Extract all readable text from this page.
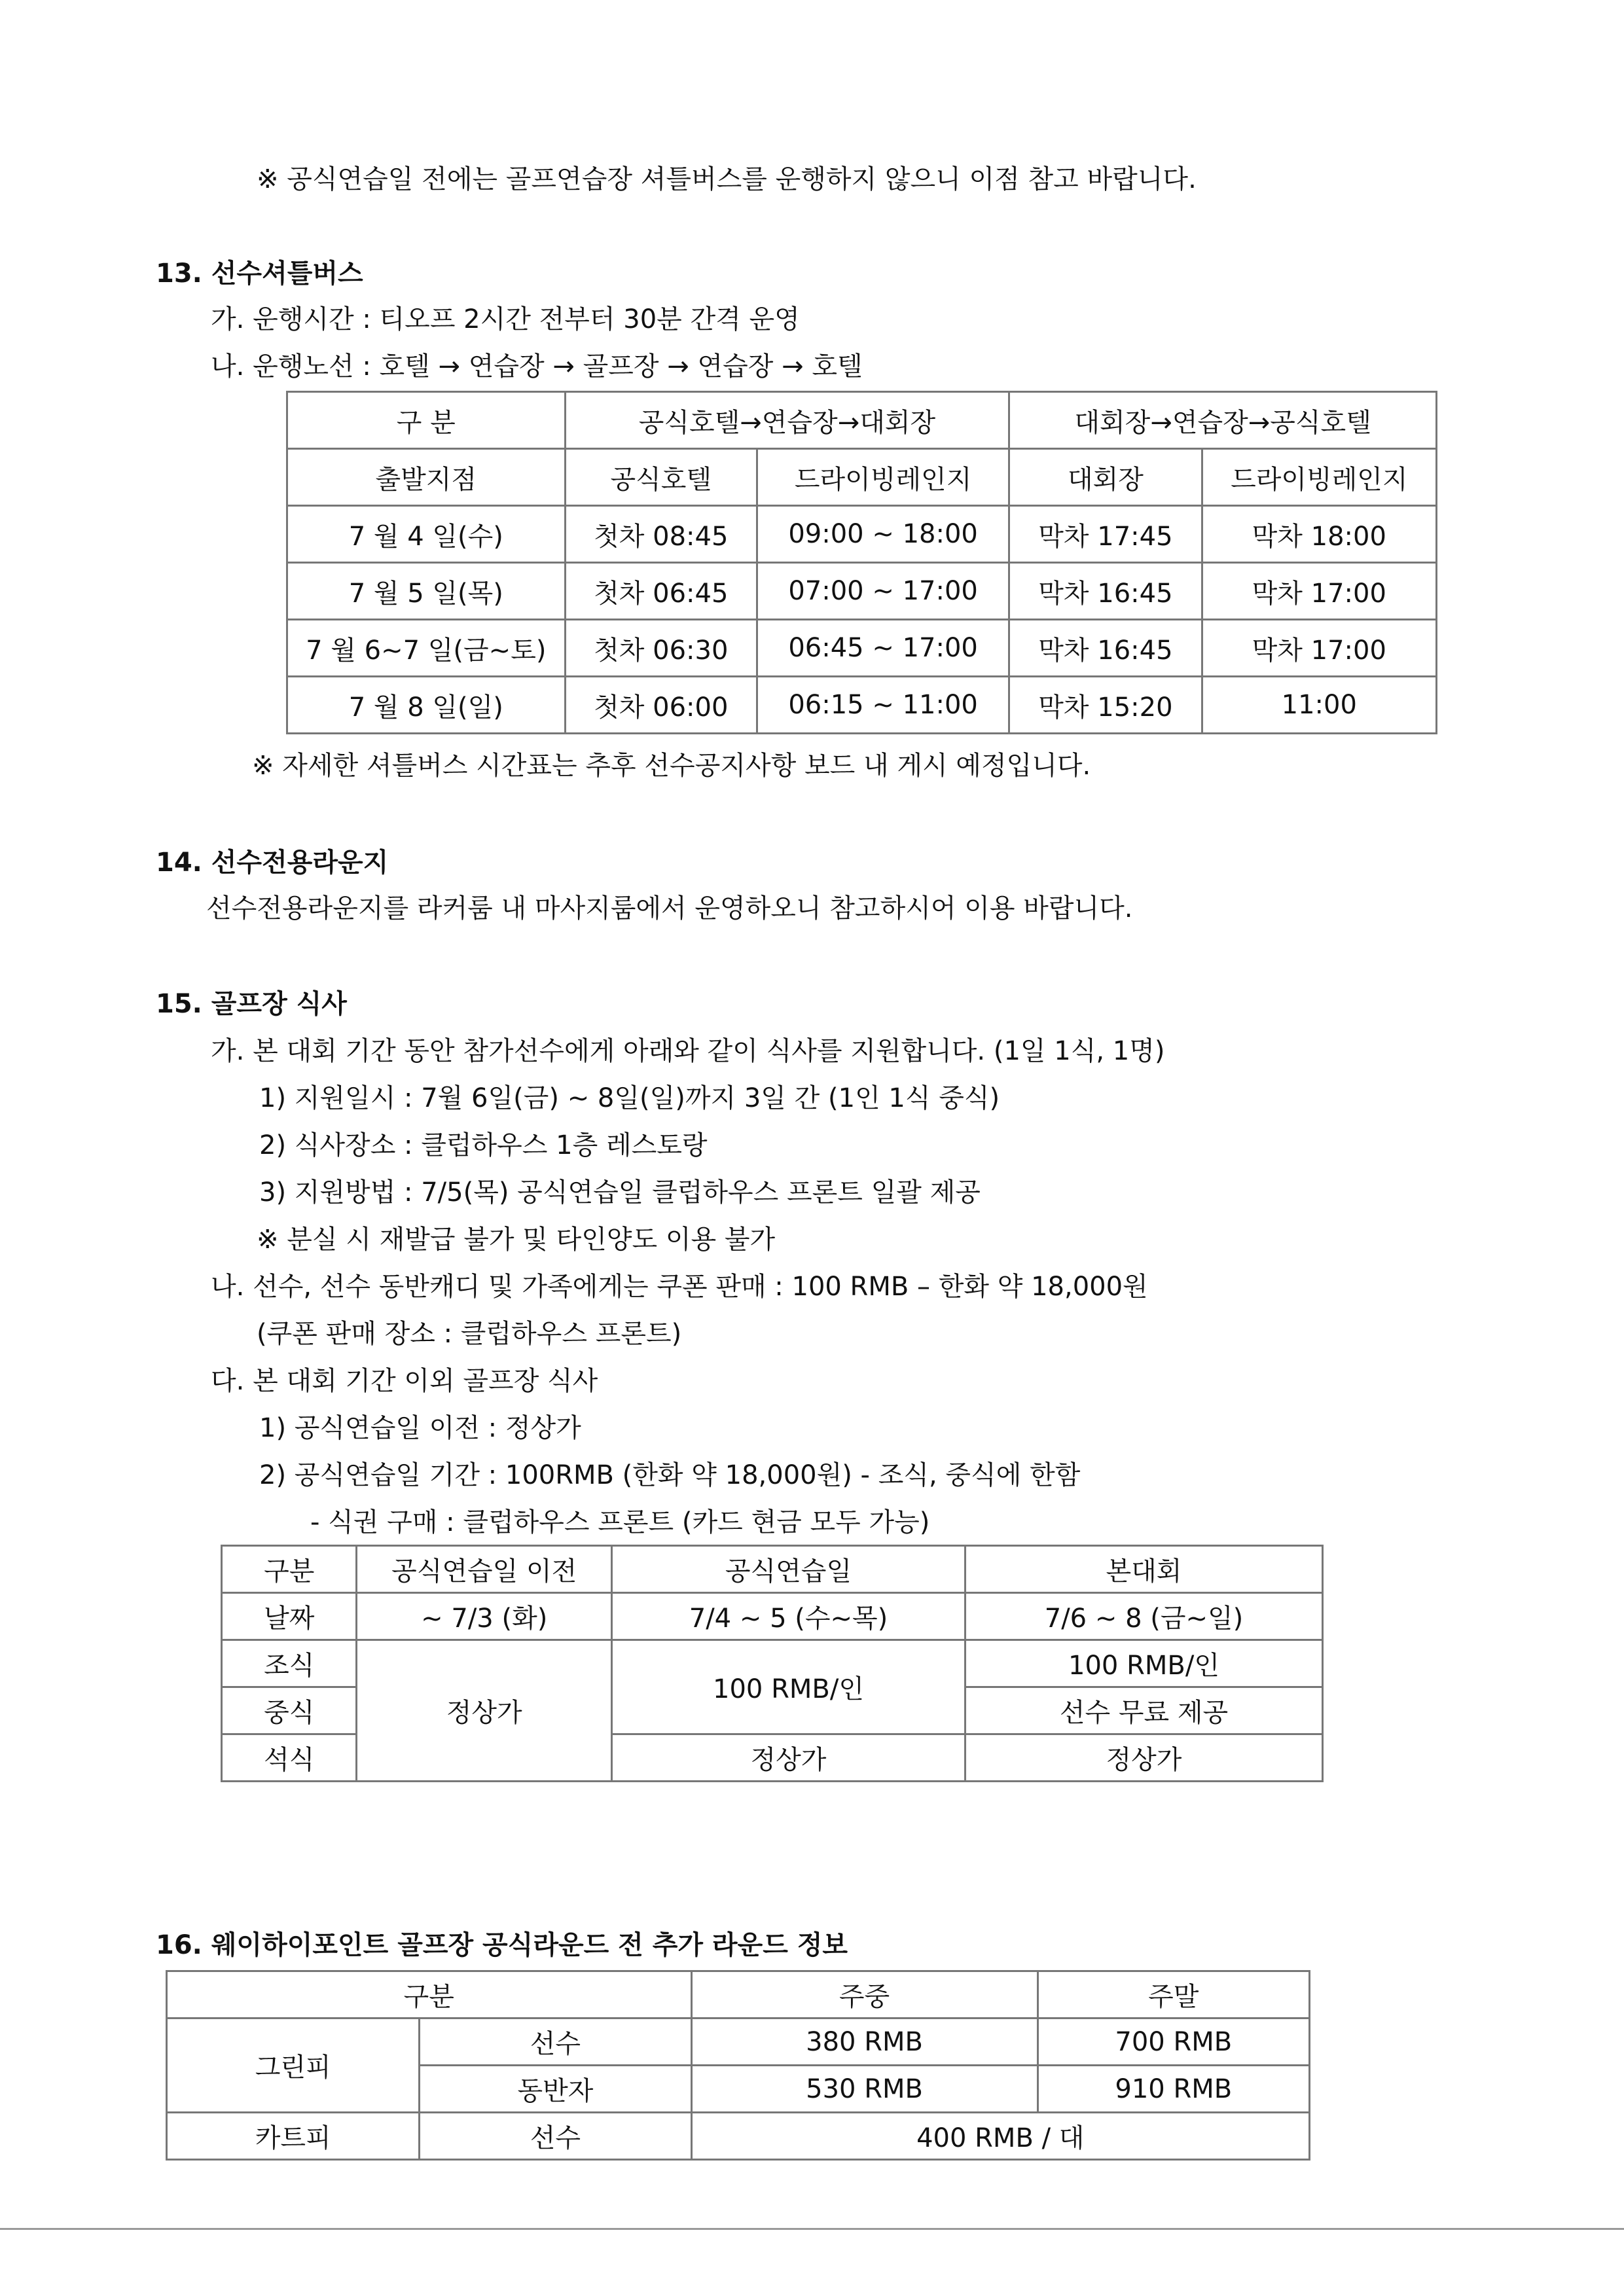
※ 공식연습일 전에는 골프연습장 셔틀버스를 운행하지 않으니 이점 참고 바랍니다.
13. 선수셔틀버스
가. 운행시간 : 티오프 2시간 전부터 30분 간격 운영
나. 운행노선 : 호텔 → 연습장 → 골프장 → 연습장 → 호텔
구 분	공식호텔→연습장→대회장		대회장→연습장→공식호텔	
출발지점	공식호텔	드라이빙레인지	대회장	드라이빙레인지
7 월 4 일(수)	첫차 08:45	09:00 ~ 18:00	막차 17:45	막차 18:00
7 월 5 일(목)	첫차 06:45	07:00 ~ 17:00	막차 16:45	막차 17:00
7 월 6~7 일(금~토)	첫차 06:30	06:45 ~ 17:00	막차 16:45	막차 17:00
7 월 8 일(일)	첫차 06:00	06:15 ~ 11:00	막차 15:20	11:00
※ 자세한 셔틀버스 시간표는 추후 선수공지사항 보드 내 게시 예정입니다.
14. 선수전용라운지
선수전용라운지를 라커룸 내 마사지룸에서 운영하오니 참고하시어 이용 바랍니다.
15. 골프장 식사
가. 본 대회 기간 동안 참가선수에게 아래와 같이 식사를 지원합니다. (1일 1식, 1명)
1) 지원일시 : 7월 6일(금) ~ 8일(일)까지 3일 간 (1인 1식 중식)
2) 식사장소 : 클럽하우스 1층 레스토랑
3) 지원방법 : 7/5(목) 공식연습일 클럽하우스 프론트 일괄 제공
※ 분실 시 재발급 불가 및 타인양도 이용 불가
나. 선수, 선수 동반캐디 및 가족에게는 쿠폰 판매 : 100 RMB – 한화 약 18,000원
(쿠폰 판매 장소 : 클럽하우스 프론트)
다. 본 대회 기간 이외 골프장 식사
1) 공식연습일 이전 : 정상가
2) 공식연습일 기간 : 100RMB (한화 약 18,000원) - 조식, 중식에 한함
- 식권 구매 : 클럽하우스 프론트 (카드 현금 모두 가능)
구분	공식연습일 이전	공식연습일	본대회
날짜	~ 7/3 (화)	7/4 ~ 5 (수~목)	7/6 ~ 8 (금~일)
조식	정상가	100 RMB/인	100 RMB/인
중식			선수 무료 제공
석식		정상가	정상가
16. 웨이하이포인트 골프장 공식라운드 전 추가 라운드 정보
구분		주중	주말
그린피	선수	380 RMB	700 RMB
	동반자	530 RMB	910 RMB
카트피	선수	400 RMB / 대	
